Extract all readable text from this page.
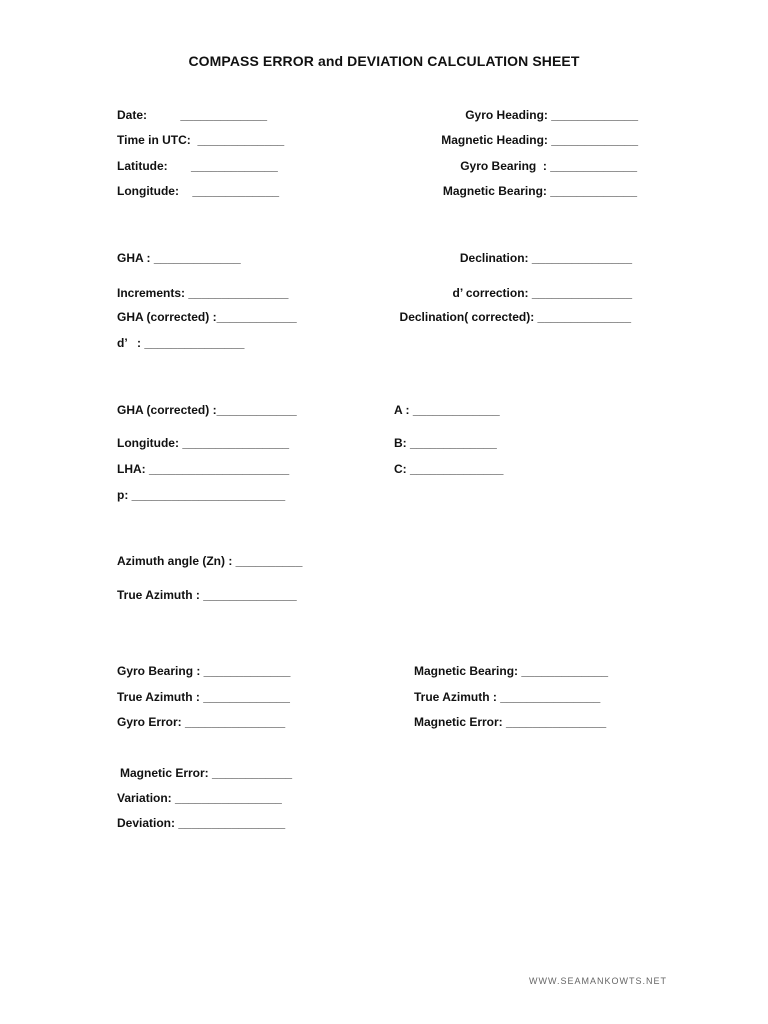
COMPASS ERROR and DEVIATION CALCULATION SHEET
Date:          _____________
Time in UTC:  _____________
Latitude:       _____________
Longitude:    _____________
Gyro Heading: _____________
Magnetic Heading: _____________
Gyro Bearing  : _____________
Magnetic Bearing: _____________
GHA : _____________
Increments: _______________
GHA (corrected) :____________
d’   : _______________
Declination: _______________
d’ correction: _______________
Declination( corrected): ______________
GHA (corrected) :____________
Longitude: ________________
LHA: _____________________
p: _______________________
A : _____________
B: _____________
C: ______________
Azimuth angle (Zn) : __________
True Azimuth : ______________
Gyro Bearing : _____________
True Azimuth : _____________
Gyro Error: _______________
Magnetic Bearing: _____________
True Azimuth : _______________
Magnetic Error: _______________
Magnetic Error: ____________
Variation: ________________
Deviation: ________________
WWW.SEAMANKOWTS.NET
